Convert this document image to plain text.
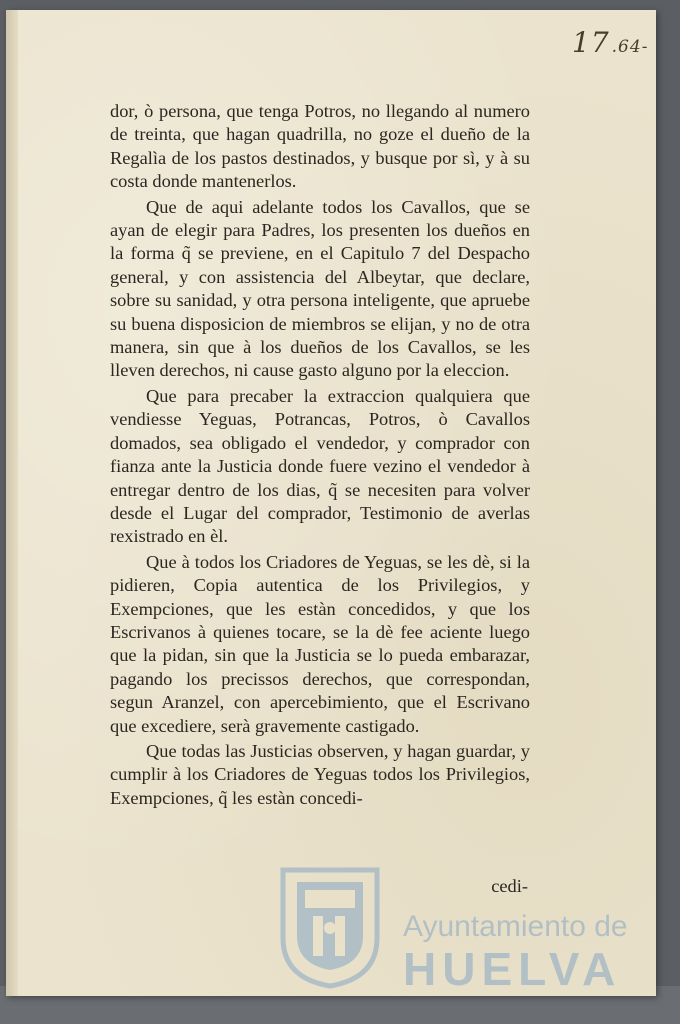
17 .64-

dor, ò persona, que tenga Potros, no llegando al numero de treinta, que hagan quadrilla, no goze el dueño de la Regalìa de los pastos destinados, y busque por sì, y à su costa donde mantenerlos.

Que de aqui adelante todos los Cavallos, que se ayan de elegir para Padres, los presenten los dueños en la forma q̃ se previene, en el Capitulo 7 del Despacho general, y con assistencia del Albeytar, que declare, sobre su sanidad, y otra persona inteligente, que apruebe su buena disposicion de miembros se elijan, y no de otra manera, sin que à los dueños de los Cavallos, se les lleven derechos, ni cause gasto alguno por la eleccion.

Que para precaber la extraccion qualquiera que vendiesse Yeguas, Potrancas, Potros, ò Cavallos domados, sea obligado el vendedor, y comprador con fianza ante la Justicia donde fuere vezino el vendedor à entregar dentro de los dias, q̃ se necesiten para volver desde el Lugar del comprador, Testimonio de averlas rexistrado en èl.

Que à todos los Criadores de Yeguas, se les dè, si la pidieren, Copia autentica de los Privilegios, y Exempciones, que les estàn concedidos, y que los Escrivanos à quienes tocare, se la dè fee aciente luego que la pidan, sin que la Justicia se lo pueda embarazar, pagando los precissos derechos, que correspondan, segun Aranzel, con apercebimiento, que el Escrivano que excediere, serà gravemente castigado.

Que todas las Justicias observen, y hagan guardar, y cumplir à los Criadores de Yeguas todos los Privilegios, Exempciones, q̃ les estàn concedi-

cedi-
Ayuntamiento de
HUELVA
